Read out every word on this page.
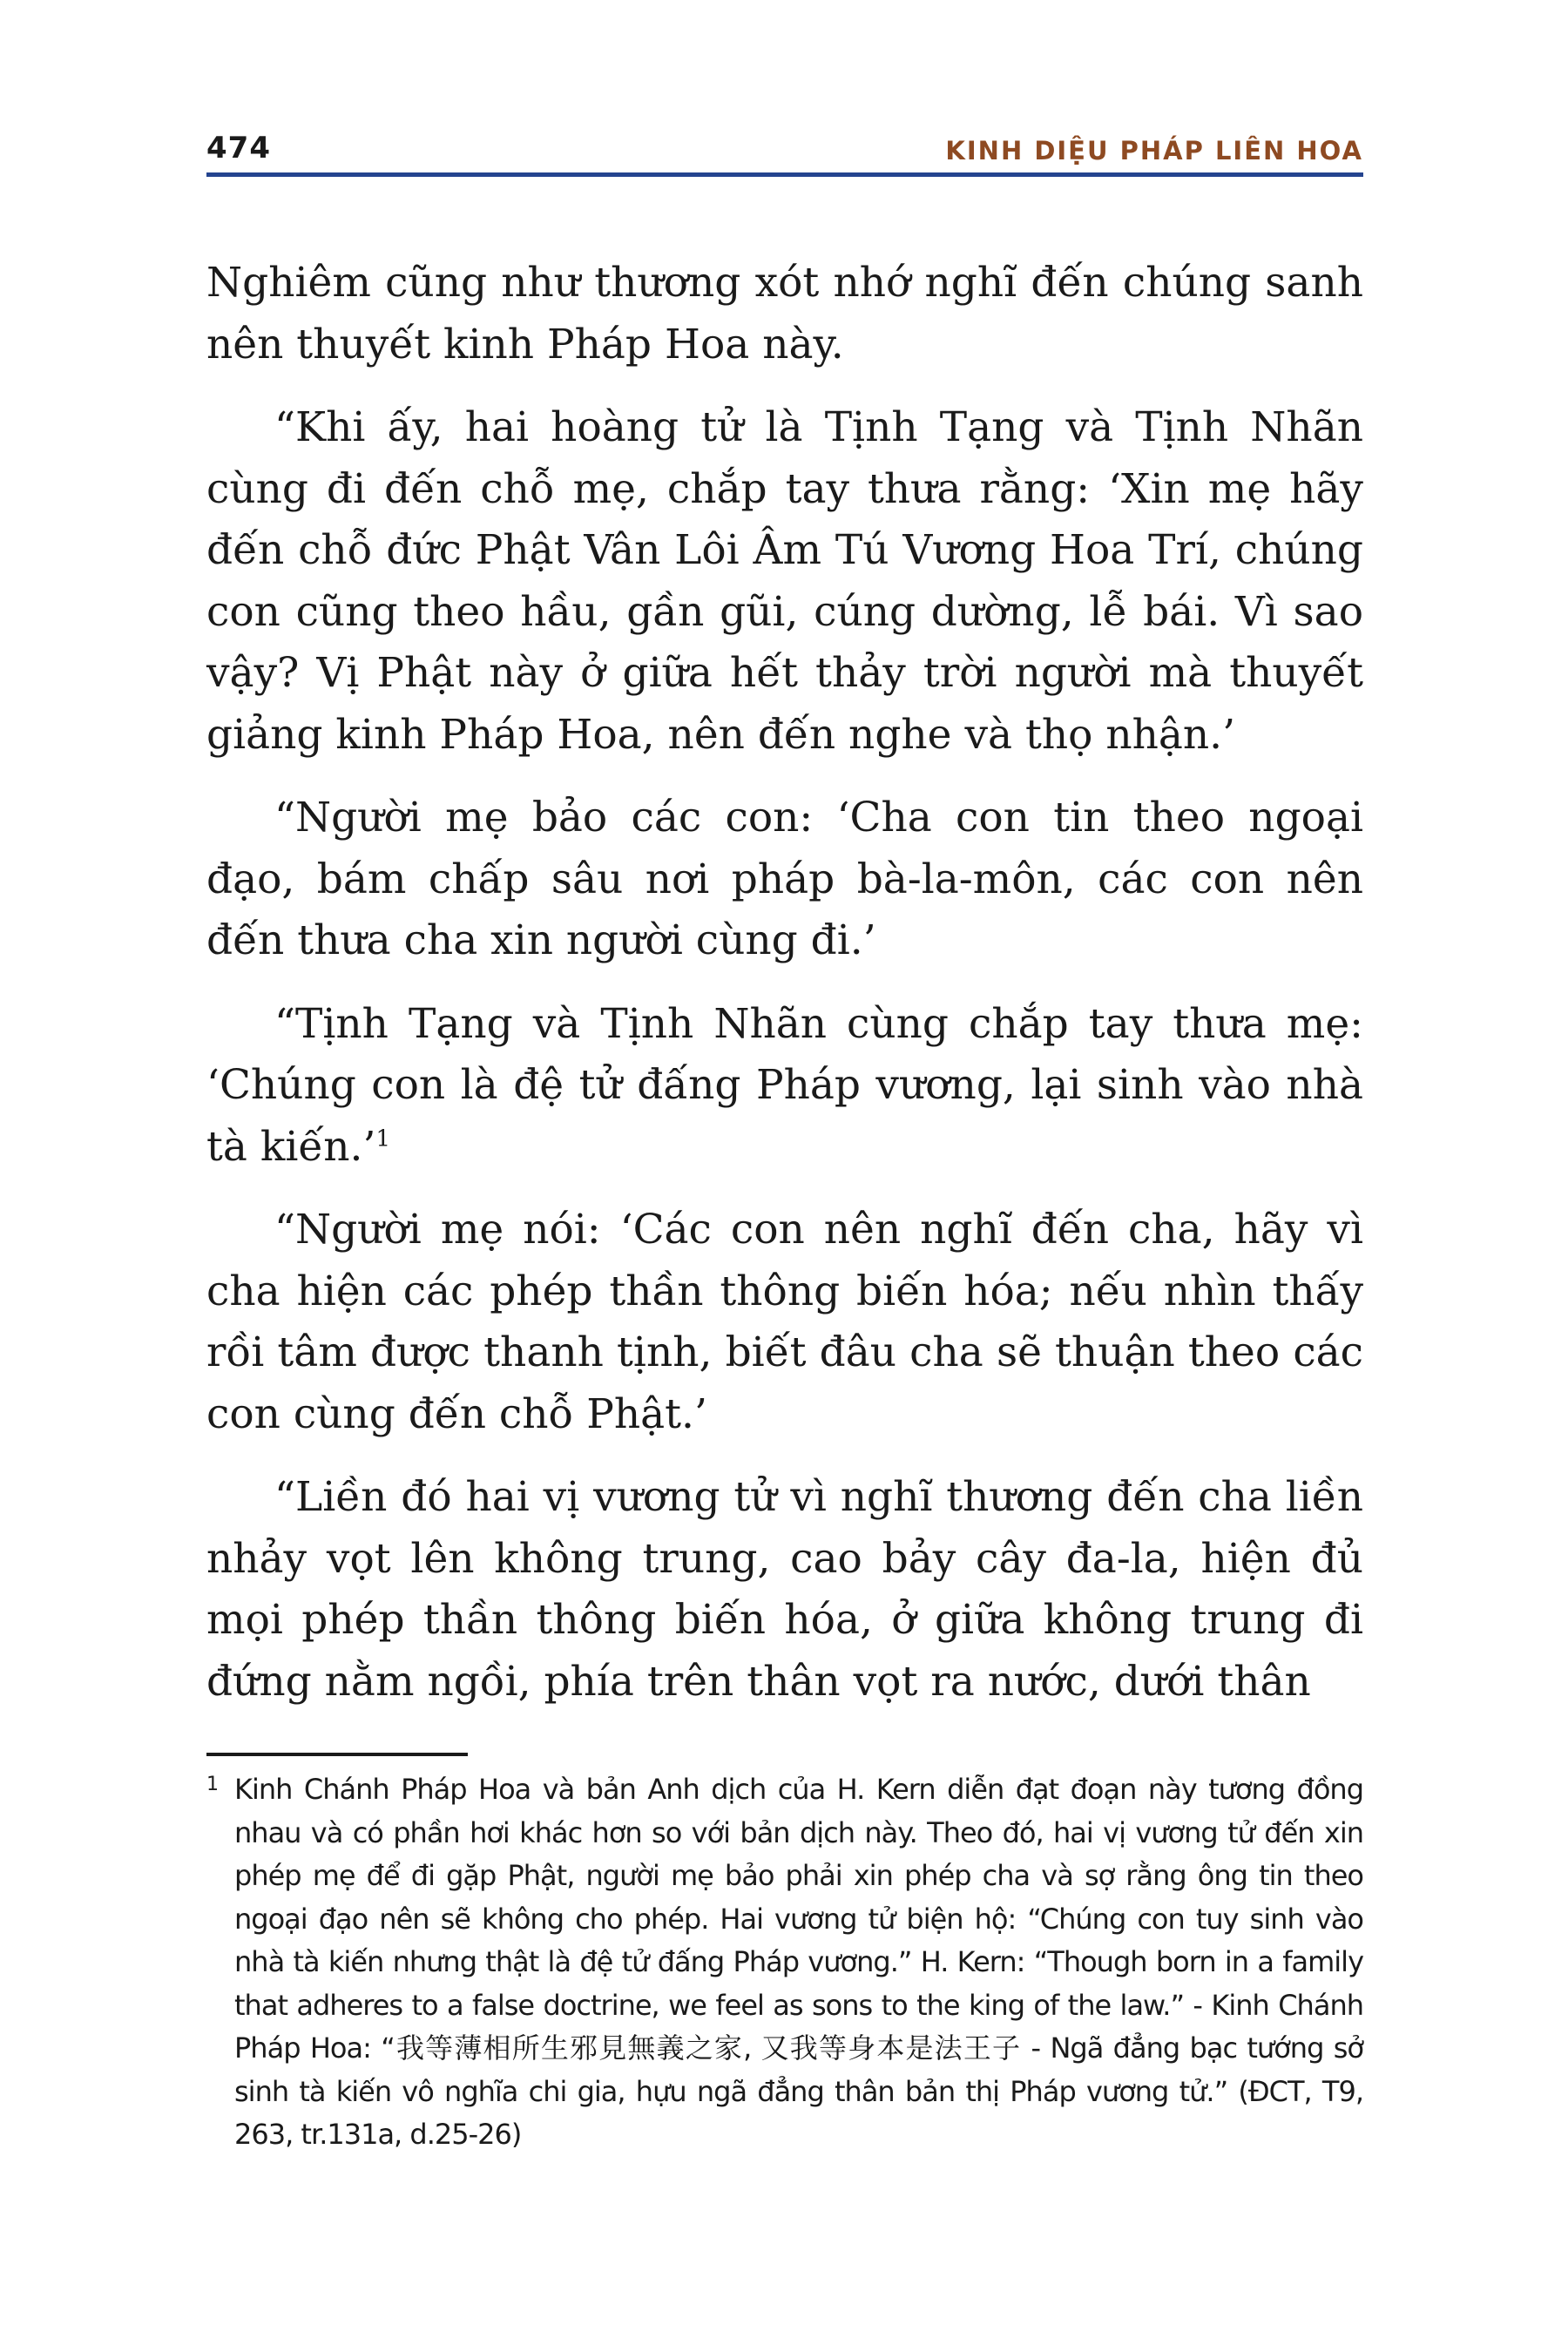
474	KINH DIỆU PHÁP LIÊN HOA

Nghiêm cũng như thương xót nhớ nghĩ đến chúng sanh nên thuyết kinh Pháp Hoa này.

“Khi ấy, hai hoàng tử là Tịnh Tạng và Tịnh Nhãn cùng đi đến chỗ mẹ, chắp tay thưa rằng: ‘Xin mẹ hãy đến chỗ đức Phật Vân Lôi Âm Tú Vương Hoa Trí, chúng con cũng theo hầu, gần gũi, cúng dường, lễ bái. Vì sao vậy? Vị Phật này ở giữa hết thảy trời người mà thuyết giảng kinh Pháp Hoa, nên đến nghe và thọ nhận.’

“Người mẹ bảo các con: ‘Cha con tin theo ngoại đạo, bám chấp sâu nơi pháp bà-la-môn, các con nên đến thưa cha xin người cùng đi.’

“Tịnh Tạng và Tịnh Nhãn cùng chắp tay thưa mẹ: ‘Chúng con là đệ tử đấng Pháp vương, lại sinh vào nhà tà kiến.’$^1$

“Người mẹ nói: ‘Các con nên nghĩ đến cha, hãy vì cha hiện các phép thần thông biến hóa; nếu nhìn thấy rồi tâm được thanh tịnh, biết đâu cha sẽ thuận theo các con cùng đến chỗ Phật.’

“Liền đó hai vị vương tử vì nghĩ thương đến cha liền nhảy vọt lên không trung, cao bảy cây đa-la, hiện đủ mọi phép thần thông biến hóa, ở giữa không trung đi đứng nằm ngồi, phía trên thân vọt ra nước, dưới thân

1 Kinh Chánh Pháp Hoa và bản Anh dịch của H. Kern diễn đạt đoạn này tương đồng nhau và có phần hơi khác hơn so với bản dịch này. Theo đó, hai vị vương tử đến xin phép mẹ để đi gặp Phật, người mẹ bảo phải xin phép cha và sợ rằng ông tin theo ngoại đạo nên sẽ không cho phép. Hai vương tử biện hộ: “Chúng con tuy sinh vào nhà tà kiến nhưng thật là đệ tử đấng Pháp vương.” H. Kern: “Though born in a family that adheres to a false doctrine, we feel as sons to the king of the law.” - Kinh Chánh Pháp Hoa: “我等薄相所生邪見無義之家, 又我等身本是法王子 - Ngã đẳng bạc tướng sở sinh tà kiến vô nghĩa chi gia, hựu ngã đẳng thân bản thị Pháp vương tử.” (ĐCT, T9, 263, tr.131a, d.25-26)
